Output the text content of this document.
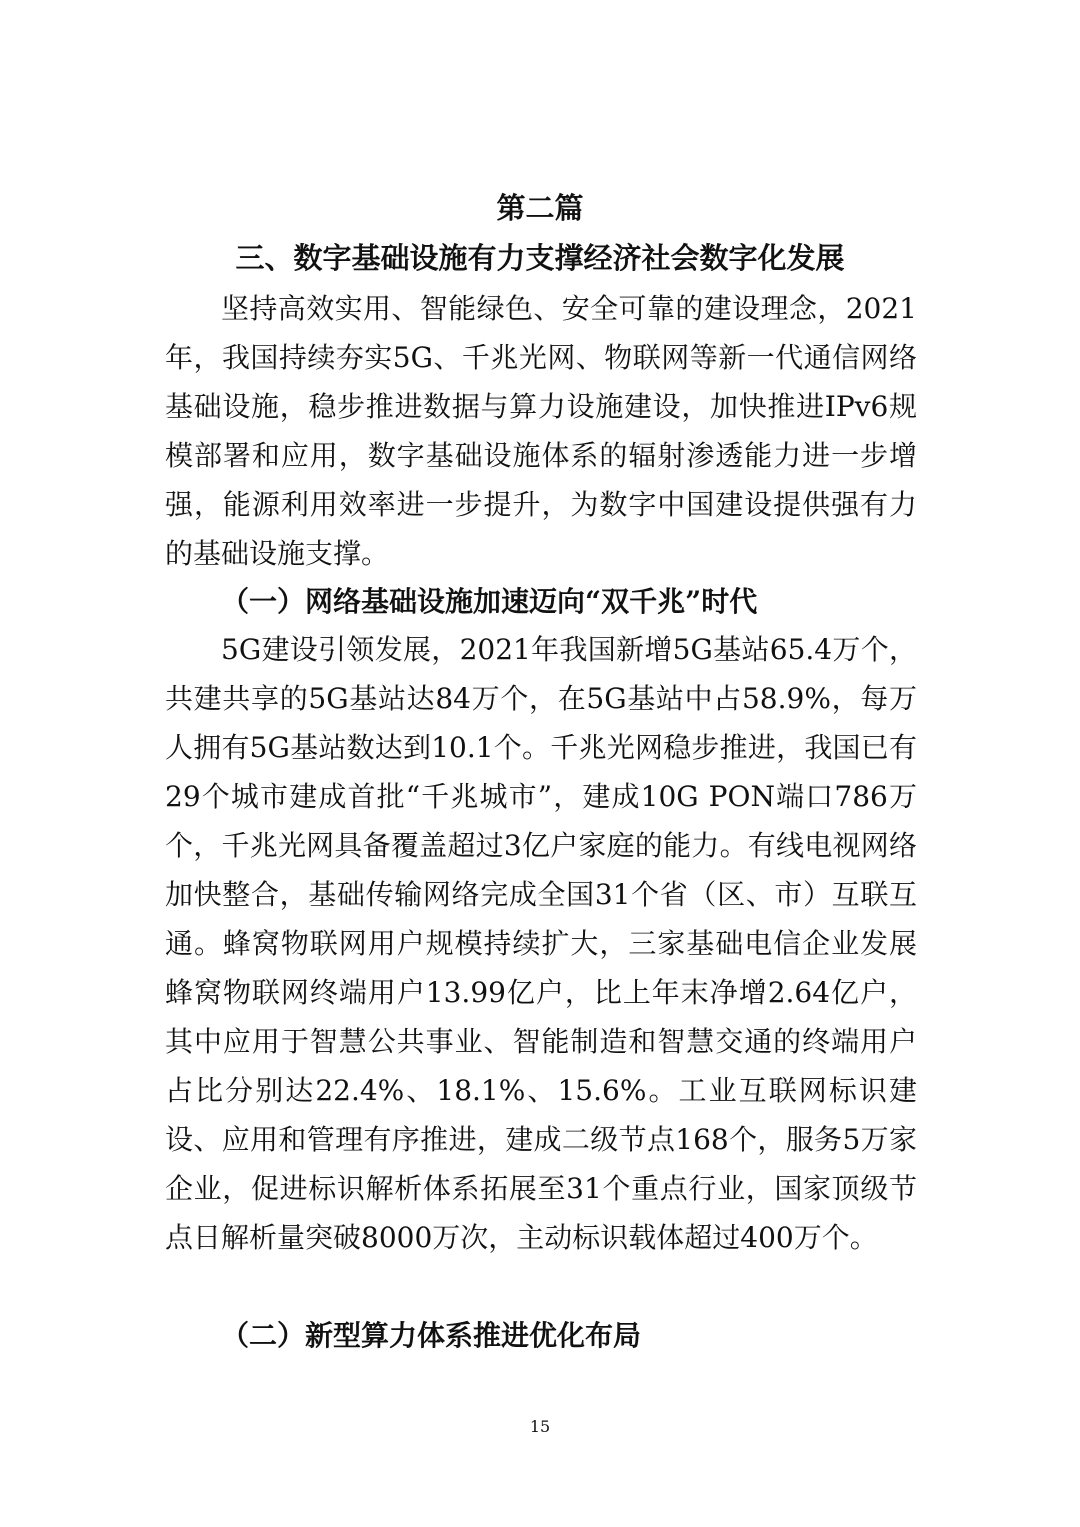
第二篇
三、数字基础设施有力支撑经济社会数字化发展

坚持高效实用、智能绿色、安全可靠的建设理念，2021年，我国持续夯实5G、千兆光网、物联网等新一代通信网络基础设施，稳步推进数据与算力设施建设，加快推进IPv6规模部署和应用，数字基础设施体系的辐射渗透能力进一步增强，能源利用效率进一步提升，为数字中国建设提供强有力的基础设施支撑。

（一）网络基础设施加速迈向“双千兆”时代

5G建设引领发展，2021年我国新增5G基站65.4万个，共建共享的5G基站达84万个，在5G基站中占58.9%，每万人拥有5G基站数达到10.1个。千兆光网稳步推进，我国已有29个城市建成首批“千兆城市”，建成10G PON端口786万个，千兆光网具备覆盖超过3亿户家庭的能力。有线电视网络加快整合，基础传输网络完成全国31个省（区、市）互联互通。蜂窝物联网用户规模持续扩大，三家基础电信企业发展蜂窝物联网终端用户13.99亿户，比上年末净增2.64亿户，其中应用于智慧公共事业、智能制造和智慧交通的终端用户占比分别达22.4%、18.1%、15.6%。工业互联网标识建设、应用和管理有序推进，建成二级节点168个，服务5万家企业，促进标识解析体系拓展至31个重点行业，国家顶级节点日解析量突破8000万次，主动标识载体超过400万个。

（二）新型算力体系推进优化布局
15
